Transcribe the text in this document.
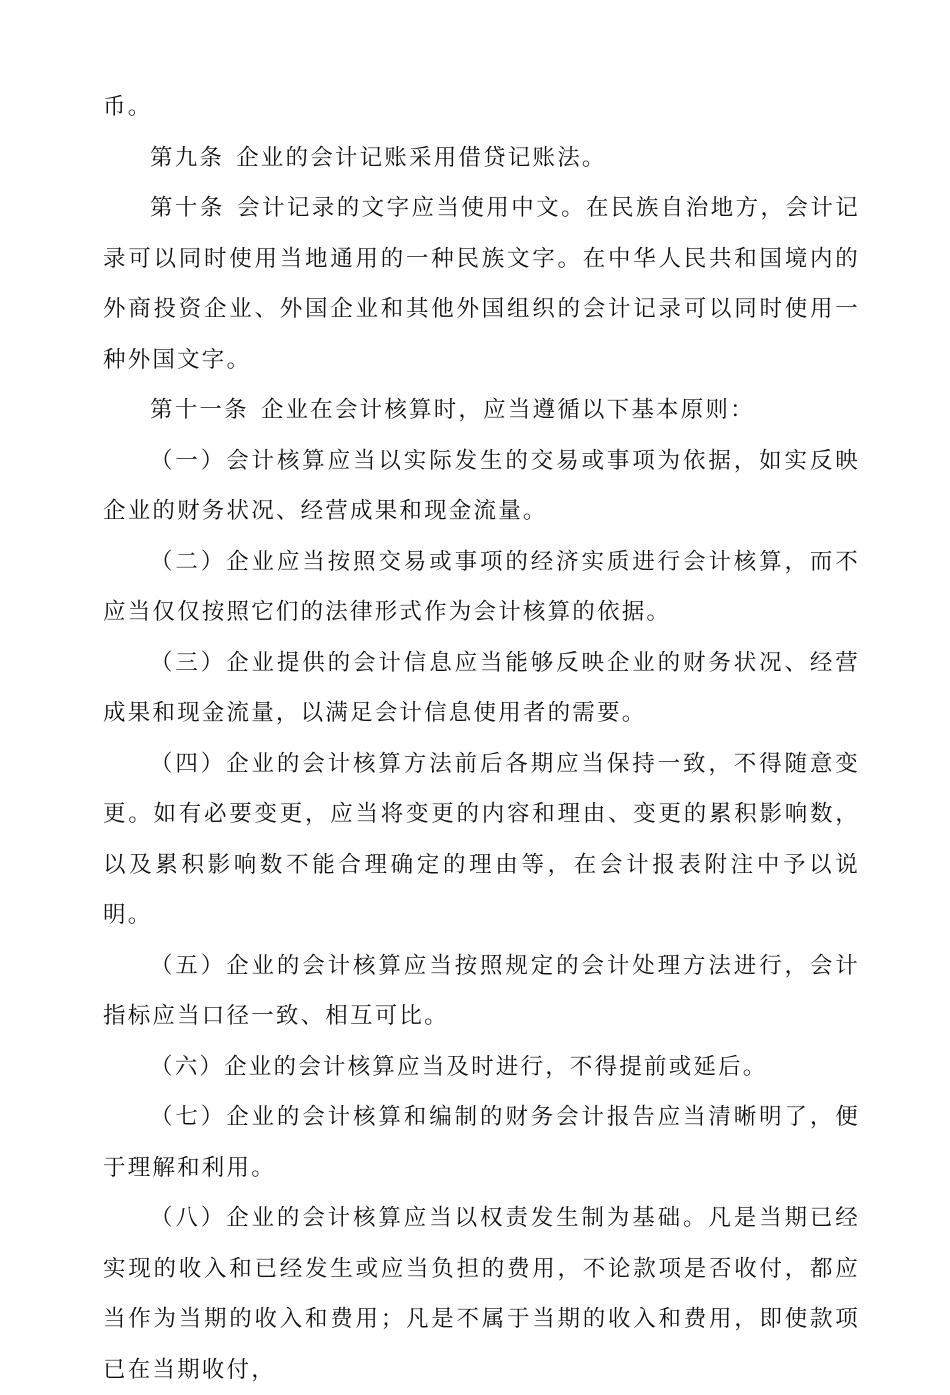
币。

第九条 企业的会计记账采用借贷记账法。

第十条 会计记录的文字应当使用中文。在民族自治地方，会计记录可以同时使用当地通用的一种民族文字。在中华人民共和国境内的外商投资企业、外国企业和其他外国组织的会计记录可以同时使用一种外国文字。

第十一条 企业在会计核算时，应当遵循以下基本原则：

（一）会计核算应当以实际发生的交易或事项为依据，如实反映企业的财务状况、经营成果和现金流量。

（二）企业应当按照交易或事项的经济实质进行会计核算，而不应当仅仅按照它们的法律形式作为会计核算的依据。

（三）企业提供的会计信息应当能够反映企业的财务状况、经营成果和现金流量，以满足会计信息使用者的需要。

（四）企业的会计核算方法前后各期应当保持一致，不得随意变更。如有必要变更，应当将变更的内容和理由、变更的累积影响数，以及累积影响数不能合理确定的理由等，在会计报表附注中予以说明。

（五）企业的会计核算应当按照规定的会计处理方法进行，会计指标应当口径一致、相互可比。

（六）企业的会计核算应当及时进行，不得提前或延后。

（七）企业的会计核算和编制的财务会计报告应当清晰明了，便于理解和利用。

（八）企业的会计核算应当以权责发生制为基础。凡是当期已经实现的收入和已经发生或应当负担的费用，不论款项是否收付，都应当作为当期的收入和费用；凡是不属于当期的收入和费用，即使款项已在当期收付，
